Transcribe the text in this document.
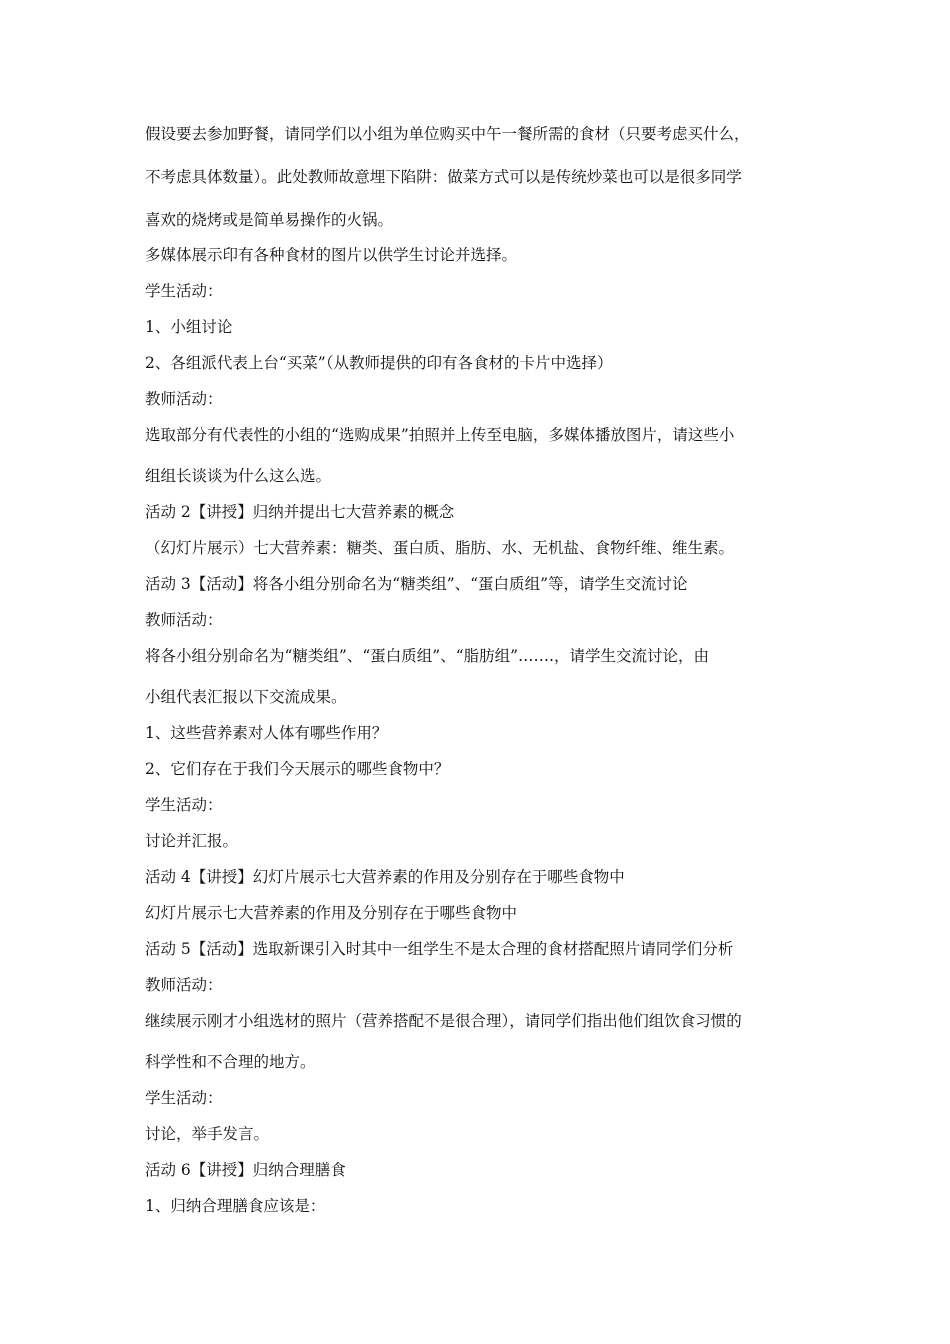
假设要去参加野餐，请同学们以小组为单位购买中午一餐所需的食材（只要考虑买什么，
不考虑具体数量）。此处教师故意埋下陷阱：做菜方式可以是传统炒菜也可以是很多同学
喜欢的烧烤或是简单易操作的火锅。
多媒体展示印有各种食材的图片以供学生讨论并选择。
学生活动：
1、小组讨论
2、各组派代表上台“买菜”（从教师提供的印有各食材的卡片中选择）
教师活动：
选取部分有代表性的小组的“选购成果”拍照并上传至电脑，多媒体播放图片，请这些小
组组长谈谈为什么这么选。
活动 2【讲授】归纳并提出七大营养素的概念
（幻灯片展示）七大营养素：糖类、蛋白质、脂肪、水、无机盐、食物纤维、维生素。
活动 3【活动】将各小组分别命名为“糖类组”、“蛋白质组”等，请学生交流讨论
教师活动：
将各小组分别命名为“糖类组”、“蛋白质组”、“脂肪组”…….，请学生交流讨论，由
小组代表汇报以下交流成果。
1、这些营养素对人体有哪些作用？
2、它们存在于我们今天展示的哪些食物中？
学生活动：
讨论并汇报。
活动 4【讲授】幻灯片展示七大营养素的作用及分别存在于哪些食物中
幻灯片展示七大营养素的作用及分别存在于哪些食物中
活动 5【活动】选取新课引入时其中一组学生不是太合理的食材搭配照片请同学们分析
教师活动：
继续展示刚才小组选材的照片（营养搭配不是很合理），请同学们指出他们组饮食习惯的
科学性和不合理的地方。
学生活动：
讨论，举手发言。
活动 6【讲授】归纳合理膳食
1、归纳合理膳食应该是：
